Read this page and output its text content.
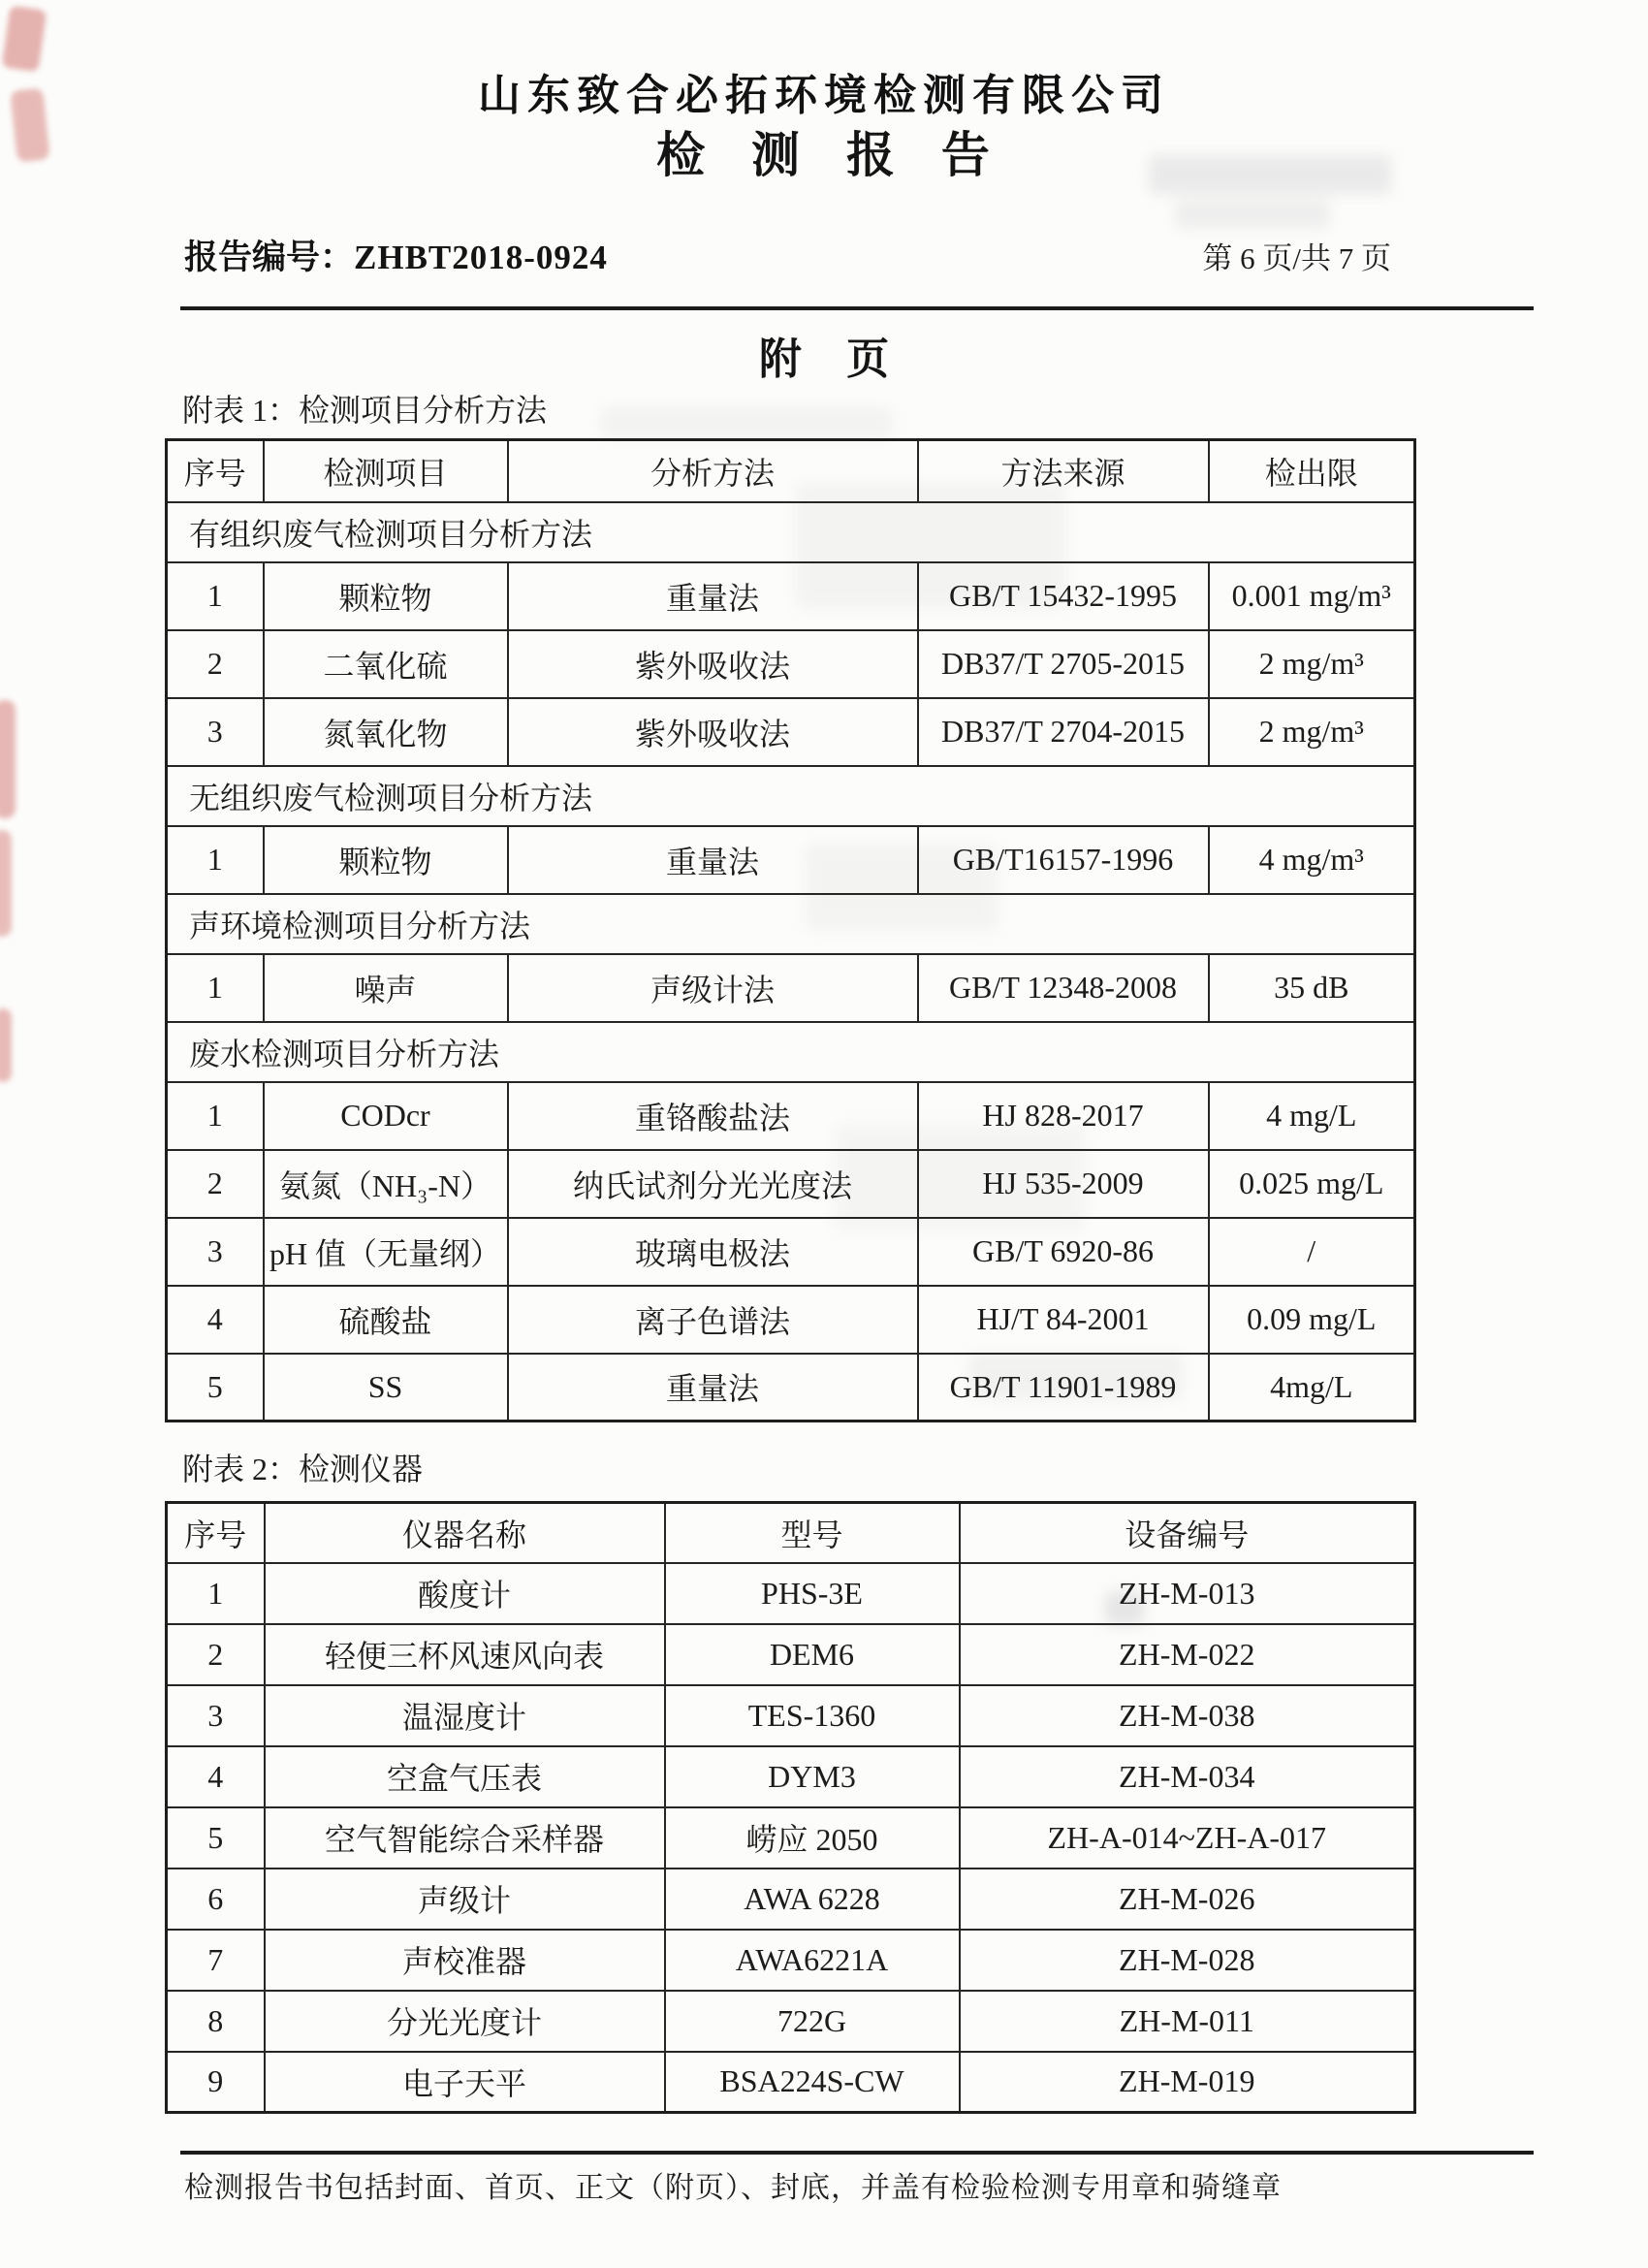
山东致合必拓环境检测有限公司
检 测 报 告
报告编号：ZHBT2018-0924	第 6 页/共 7 页
附 页
附表 1：检测项目分析方法
序号	检测项目	分析方法	方法来源	检出限
有组织废气检测项目分析方法				
1	颗粒物	重量法	GB/T 15432-1995	0.001 mg/m³
2	二氧化硫	紫外吸收法	DB37/T 2705-2015	2 mg/m³
3	氮氧化物	紫外吸收法	DB37/T 2704-2015	2 mg/m³
无组织废气检测项目分析方法				
1	颗粒物	重量法	GB/T16157-1996	4 mg/m³
声环境检测项目分析方法				
1	噪声	声级计法	GB/T 12348-2008	35 dB
废水检测项目分析方法				
1	CODcr	重铬酸盐法	HJ 828-2017	4 mg/L
2	氨氮（NH₃-N）	纳氏试剂分光光度法	HJ 535-2009	0.025 mg/L
3	pH 值（无量纲）	玻璃电极法	GB/T 6920-86	/
4	硫酸盐	离子色谱法	HJ/T 84-2001	0.09 mg/L
5	SS	重量法	GB/T 11901-1989	4mg/L
附表 2：检测仪器
序号	仪器名称	型号	设备编号
1	酸度计	PHS-3E	ZH-M-013
2	轻便三杯风速风向表	DEM6	ZH-M-022
3	温湿度计	TES-1360	ZH-M-038
4	空盒气压表	DYM3	ZH-M-034
5	空气智能综合采样器	崂应 2050	ZH-A-014~ZH-A-017
6	声级计	AWA 6228	ZH-M-026
7	声校准器	AWA6221A	ZH-M-028
8	分光光度计	722G	ZH-M-011
9	电子天平	BSA224S-CW	ZH-M-019
检测报告书包括封面、首页、正文（附页）、封底，并盖有检验检测专用章和骑缝章
